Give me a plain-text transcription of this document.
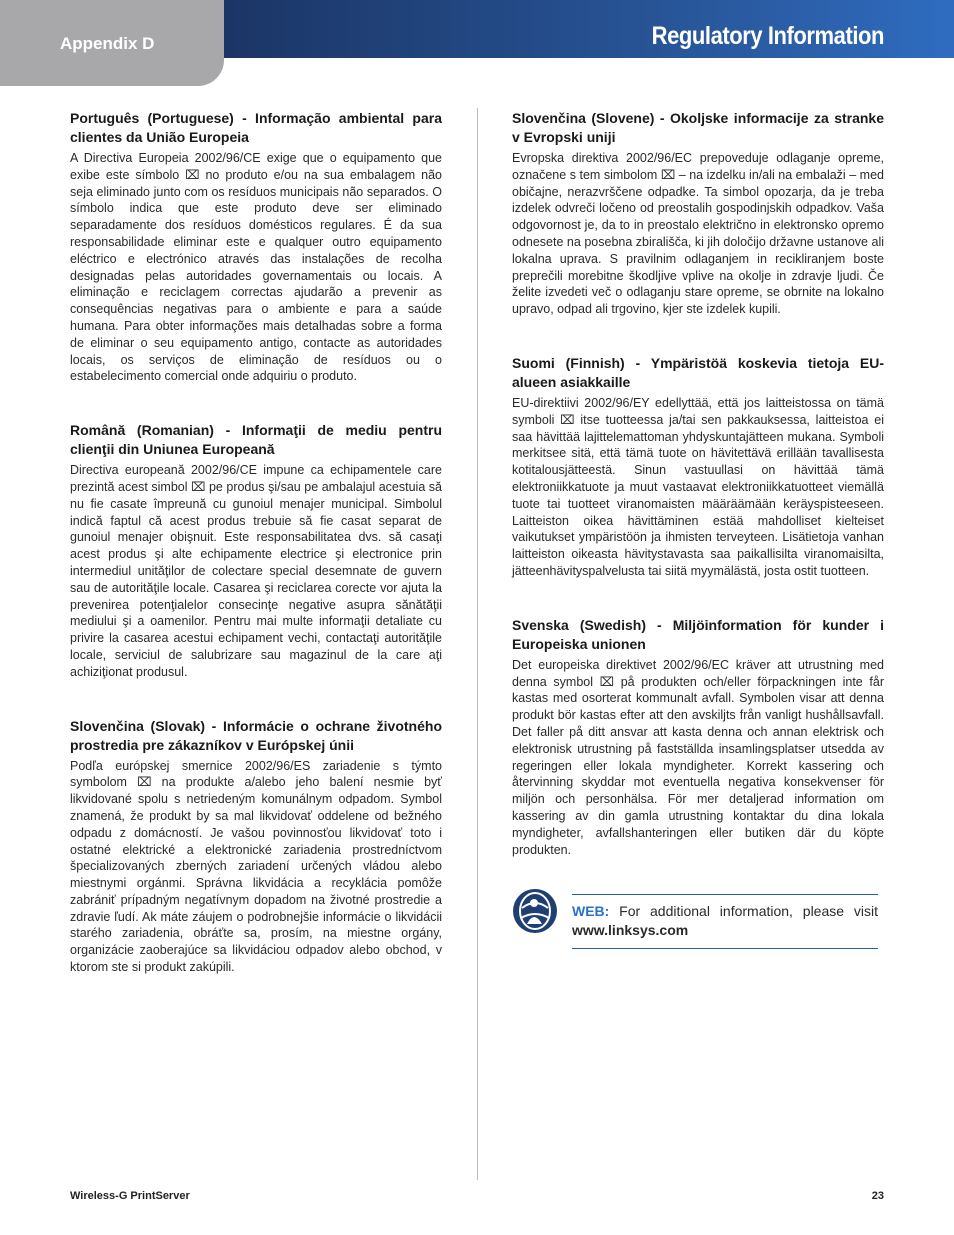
Appendix D	Regulatory Information
Português (Portuguese) - Informação ambiental para clientes da União Europeia

A Directiva Europeia 2002/96/CE exige que o equipamento que exibe este símbolo ⌧ no produto e/ou na sua embalagem não seja eliminado junto com os resíduos municipais não separados. O símbolo indica que este produto deve ser eliminado separadamente dos resíduos domésticos regulares. É da sua responsabilidade eliminar este e qualquer outro equipamento eléctrico e electrónico através das instalações de recolha designadas pelas autoridades governamentais ou locais. A eliminação e reciclagem correctas ajudarão a prevenir as consequências negativas para o ambiente e para a saúde humana. Para obter informações mais detalhadas sobre a forma de eliminar o seu equipamento antigo, contacte as autoridades locais, os serviços de eliminação de resíduos ou o estabelecimento comercial onde adquiriu o produto.

Română (Romanian) - Informaţii de mediu pentru clienţii din Uniunea Europeană

Directiva europeană 2002/96/CE impune ca echipamentele care prezintă acest simbol ⌧ pe produs şi/sau pe ambalajul acestuia să nu fie casate împreună cu gunoiul menajer municipal. Simbolul indică faptul că acest produs trebuie să fie casat separat de gunoiul menajer obişnuit. Este responsabilitatea dvs. să casaţi acest produs şi alte echipamente electrice şi electronice prin intermediul unităţilor de colectare special desemnate de guvern sau de autorităţile locale. Casarea şi reciclarea corecte vor ajuta la prevenirea potenţialelor consecinţe negative asupra sănătăţii mediului şi a oamenilor. Pentru mai multe informaţii detaliate cu privire la casarea acestui echipament vechi, contactaţi autorităţile locale, serviciul de salubrizare sau magazinul de la care aţi achiziţionat produsul.

Slovenčina (Slovak) - Informácie o ochrane životného prostredia pre zákazníkov v Európskej únii

Podľa európskej smernice 2002/96/ES zariadenie s týmto symbolom ⌧ na produkte a/alebo jeho balení nesmie byť likvidované spolu s netriedeným komunálnym odpadom. Symbol znamená, že produkt by sa mal likvidovať oddelene od bežného odpadu z domácností. Je vašou povinnosťou likvidovať toto i ostatné elektrické a elektronické zariadenia prostredníctvom špecializovaných zberných zariadení určených vládou alebo miestnymi orgánmi. Správna likvidácia a recyklácia pomôže zabrániť prípadným negatívnym dopadom na životné prostredie a zdravie ľudí. Ak máte záujem o podrobnejšie informácie o likvidácii starého zariadenia, obráťte sa, prosím, na miestne orgány, organizácie zaoberajúce sa likvidáciou odpadov alebo obchod, v ktorom ste si produkt zakúpili.

Slovenčina (Slovene) - Okoljske informacije za stranke v Evropski uniji

Evropska direktiva 2002/96/EC prepoveduje odlaganje opreme, označene s tem simbolom ⌧ – na izdelku in/ali na embalaži – med običajne, nerazvrščene odpadke. Ta simbol opozarja, da je treba izdelek odvreči ločeno od preostalih gospodinjskih odpadkov. Vaša odgovornost je, da to in preostalo električno in elektronsko opremo odnesete na posebna zbirališča, ki jih določijo državne ustanove ali lokalna uprava. S pravilnim odlaganjem in recikliranjem boste preprečili morebitne škodljive vplive na okolje in zdravje ljudi. Če želite izvedeti več o odlaganju stare opreme, se obrnite na lokalno upravo, odpad ali trgovino, kjer ste izdelek kupili.

Suomi (Finnish) - Ympäristöä koskevia tietoja EU-alueen asiakkaille

EU-direktiivi 2002/96/EY edellyttää, että jos laitteistossa on tämä symboli ⌧ itse tuotteessa ja/tai sen pakkauksessa, laitteistoa ei saa hävittää lajittelemattoman yhdyskuntajätteen mukana. Symboli merkitsee sitä, että tämä tuote on hävitettävä erillään tavallisesta kotitalousjätteestä. Sinun vastuullasi on hävittää tämä elektroniikkatuote ja muut vastaavat elektroniikkatuotteet viemällä tuote tai tuotteet viranomaisten määräämään keräyspisteeseen. Laitteiston oikea hävittäminen estää mahdolliset kielteiset vaikutukset ympäristöön ja ihmisten terveyteen. Lisätietoja vanhan laitteiston oikeasta hävitystavasta saa paikallisilta viranomaisilta, jätteenhävityspalvelusta tai siitä myymälästä, josta ostit tuotteen.

Svenska (Swedish) - Miljöinformation för kunder i Europeiska unionen

Det europeiska direktivet 2002/96/EC kräver att utrustning med denna symbol ⌧ på produkten och/eller förpackningen inte får kastas med osorterat kommunalt avfall. Symbolen visar att denna produkt bör kastas efter att den avskiljts från vanligt hushållsavfall. Det faller på ditt ansvar att kasta denna och annan elektrisk och elektronisk utrustning på fastställda insamlingsplatser utsedda av regeringen eller lokala myndigheter. Korrekt kassering och återvinning skyddar mot eventuella negativa konsekvenser för miljön och personhälsa. För mer detaljerad information om kassering av din gamla utrustning kontaktar du dina lokala myndigheter, avfallshanteringen eller butiken där du köpte produkten.

WEB: For additional information, please visit www.linksys.com
Wireless-G PrintServer	23
